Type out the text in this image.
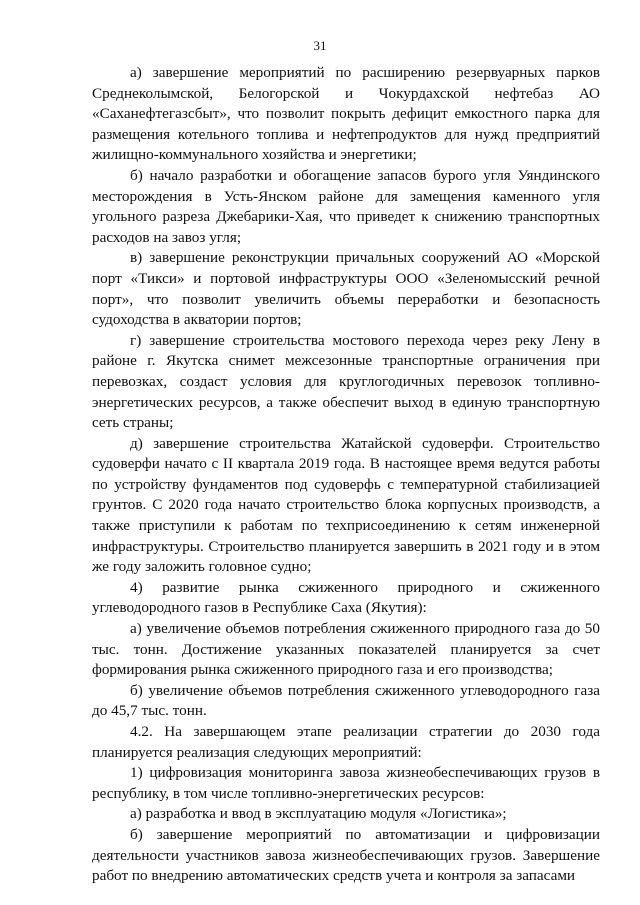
31

а) завершение мероприятий по расширению резервуарных парков Среднеколымской, Белогорской и Чокурдахской нефтебаз АО «Саханефтегазсбыт», что позволит покрыть дефицит емкостного парка для размещения котельного топлива и нефтепродуктов для нужд предприятий жилищно-коммунального хозяйства и энергетики;

б) начало разработки и обогащение запасов бурого угля Уяндинского месторождения в Усть-Янском районе для замещения каменного угля угольного разреза Джебарики-Хая, что приведет к снижению транспортных расходов на завоз угля;

в) завершение реконструкции причальных сооружений АО «Морской порт «Тикси» и портовой инфраструктуры ООО «Зеленомысский речной порт», что позволит увеличить объемы переработки и безопасность судоходства в акватории портов;

г) завершение строительства мостового перехода через реку Лену в районе г. Якутска снимет межсезонные транспортные ограничения при перевозках, создаст условия для круглогодичных перевозок топливно-энергетических ресурсов, а также обеспечит выход в единую транспортную сеть страны;

д) завершение строительства Жатайской судоверфи. Строительство судоверфи начато с II квартала 2019 года. В настоящее время ведутся работы по устройству фундаментов под судоверфь с температурной стабилизацией грунтов. С 2020 года начато строительство блока корпусных производств, а также приступили к работам по техприсоединению к сетям инженерной инфраструктуры. Строительство планируется завершить в 2021 году и в этом же году заложить головное судно;

4) развитие рынка сжиженного природного и сжиженного углеводородного газов в Республике Саха (Якутия):

а) увеличение объемов потребления сжиженного природного газа до 50 тыс. тонн. Достижение указанных показателей планируется за счет формирования рынка сжиженного природного газа и его производства;

б) увеличение объемов потребления сжиженного углеводородного газа до 45,7 тыс. тонн.

4.2. На завершающем этапе реализации стратегии до 2030 года планируется реализация следующих мероприятий:

1) цифровизация мониторинга завоза жизнеобеспечивающих грузов в республику, в том числе топливно-энергетических ресурсов:

а) разработка и ввод в эксплуатацию модуля «Логистика»;

б) завершение мероприятий по автоматизации и цифровизации деятельности участников завоза жизнеобеспечивающих грузов. Завершение работ по внедрению автоматических средств учета и контроля за запасами
